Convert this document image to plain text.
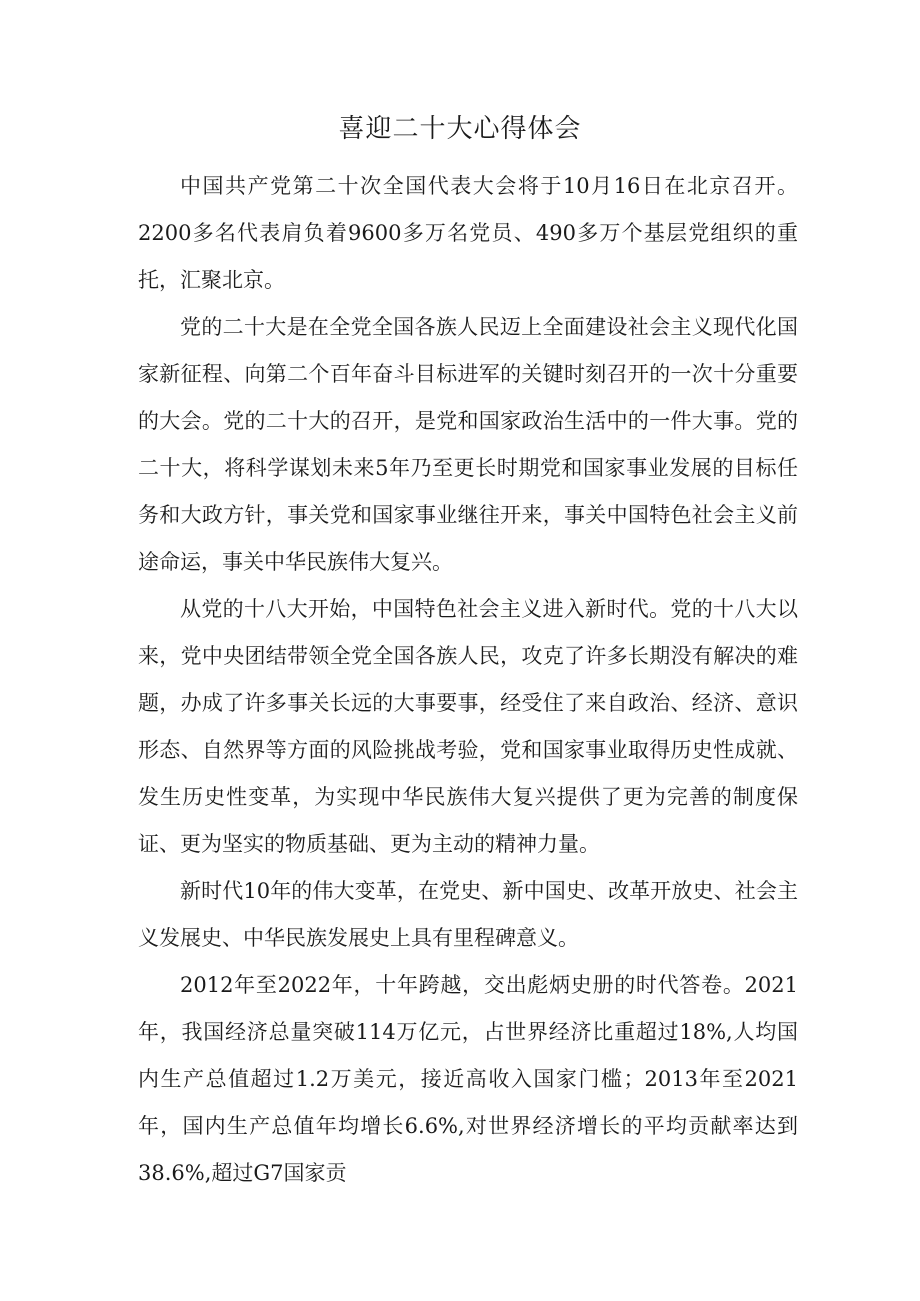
喜迎二十大心得体会

中国共产党第二十次全国代表大会将于10月16日在北京召开。2200多名代表肩负着9600多万名党员、490多万个基层党组织的重托，汇聚北京。

党的二十大是在全党全国各族人民迈上全面建设社会主义现代化国家新征程、向第二个百年奋斗目标进军的关键时刻召开的一次十分重要的大会。党的二十大的召开，是党和国家政治生活中的一件大事。党的二十大，将科学谋划未来5年乃至更长时期党和国家事业发展的目标任务和大政方针，事关党和国家事业继往开来，事关中国特色社会主义前途命运，事关中华民族伟大复兴。

从党的十八大开始，中国特色社会主义进入新时代。党的十八大以来，党中央团结带领全党全国各族人民，攻克了许多长期没有解决的难题，办成了许多事关长远的大事要事，经受住了来自政治、经济、意识形态、自然界等方面的风险挑战考验，党和国家事业取得历史性成就、发生历史性变革，为实现中华民族伟大复兴提供了更为完善的制度保证、更为坚实的物质基础、更为主动的精神力量。

新时代10年的伟大变革，在党史、新中国史、改革开放史、社会主义发展史、中华民族发展史上具有里程碑意义。

2012年至2022年，十年跨越，交出彪炳史册的时代答卷。2021年，我国经济总量突破114万亿元，占世界经济比重超过18%,人均国内生产总值超过1.2万美元，接近高收入国家门槛；2013年至2021年，国内生产总值年均增长6.6%,对世界经济增长的平均贡献率达到38.6%,超过G7国家贡
